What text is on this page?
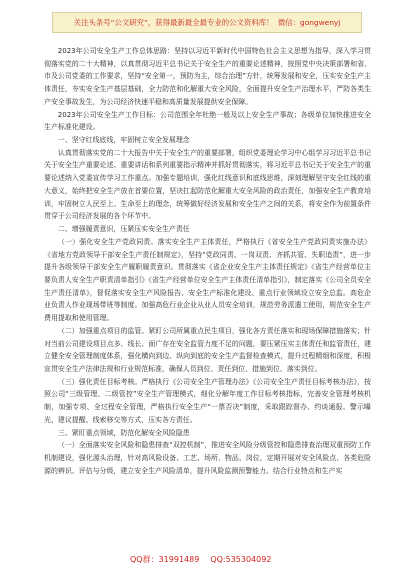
关注头条号“公文研究”，获得最新最全最专业的公文资料库！ 微信：gongwenyj

2023年公司安全生产工作总体思路：坚持以习近平新时代中国特色社会主义思想为指导，深入学习贯彻落实党的二十大精神，以真贯彻习近平总书记关于安全生产的重要论述精神，按照党中央决策部署和省、市及公司党委的工作要求，坚持“安全第一，预防为主，综合治理”方针，统筹发展和安全，压实安全生产主体责任，夯实安全生产基层基础，全力防范和化解重大安全风险，全面提升安全生产治理水平，严防各类生产安全事故发生，为公司经济快速平稳和高质量发展提供安全保障。

2023年公司安全生产工作目标：公司范围全年杜绝一般及以上安全生产事故；各级单位加快推进安全生产标准化建设。

一、坚守红线底线，牢固树立安全发展理念

认真贯彻落实党的二十大报告中关于安全生产的重要部署，组织党委理论学习中心组学习习近平总书记关于安全生产重要论述、重要讲话和系列重要指示精神并抓好贯彻落实，将习近平总书记关于安全生产的重要论述纳入党委宣传学习工作重点。加强专题培训，强化红线意识和底线思维，深刻理解坚守安全红线的重大意义，始终把安全生产放在首要位置，坚决扛起防范化解重大安全风险的政治责任，加强安全生产教育培训，牢固树立人民至上、生命至上的理念，统筹做好经济发展和安全生产之间的关系，将安全作为前置条件贯穿于公司经济发展的各个环节中。

二、增强履责意识，压紧压实安全生产责任

（一）强化安全生产党政同责。落实安全生产主体责任，严格执行《省安全生产党政同责实施办法》《省地方党政领导干部安全生产责任制规定》，坚持“党政同责、一岗双责、齐抓共管、失职追责”，进一步提升各级领导干部安全生产履职履责意识。贯彻落实《省企业安全生产主体责任规定》《省生产经营单位主要负责人安全生产职责清单指引》《省生产经营单位安全生产主体责任清单指引》，制定落实《公司全员安全生产责任清单》，督促落实安全生产风险报告、安全生产标准化建设、重点行业领域设立安全总监。高危企业负责人作业现场带班等制度。加强高危行业企业从业人员安全培训，规范劳务派遣工使用，规范安全生产费用提取和使用管理。

（二）加强重点项目的监管。紧盯公司所属重点民生项目，强化各方责任落实和现场保障措施落实；针对当前公司建设项目点多、线长、面广存在安全监管力度不足的问题，要压紧压实主体责任和监管责任，建立健全安全管理制度体系，强化横向到边、纵向到底的安全生产监督检查模式，提升过程精细和深度，积极宣贯安全生产法律法规和行业规范标准，确保人员到位、责任到位、措施到位、落实到位。

（三）强化责任目标考核。严格执行《公司安全生产管理办法》《公司安全生产责任目标考核办法》，按照公司“三级管理、二级管控”安全生产管理模式，细化分解年度工作目标考核指标，完善安全管理考核机制，加强专项、全过程安全管理，严格执行安全生产“一票否决”制度，采取跟踪督办、约谈通报、警示曝光、建议提醒、线索移交等方式，压实各方责任。

三、紧盯重点领域，防范化解安全风险隐患

（一）全面落实安全风险和隐患排查“双控机制”，推进安全风险分级管控和隐患排查治理双重预防工作机制建设，强化源头治理，针对高风险设备、工艺、场所、物品、岗位，定期开展对安全风险点、各类危险源的辨识、评估与分级，建立安全生产风险清单，提升风险监测预警能力。结合行业特点和生产实

QQ群：31991489 QQ:535304092
